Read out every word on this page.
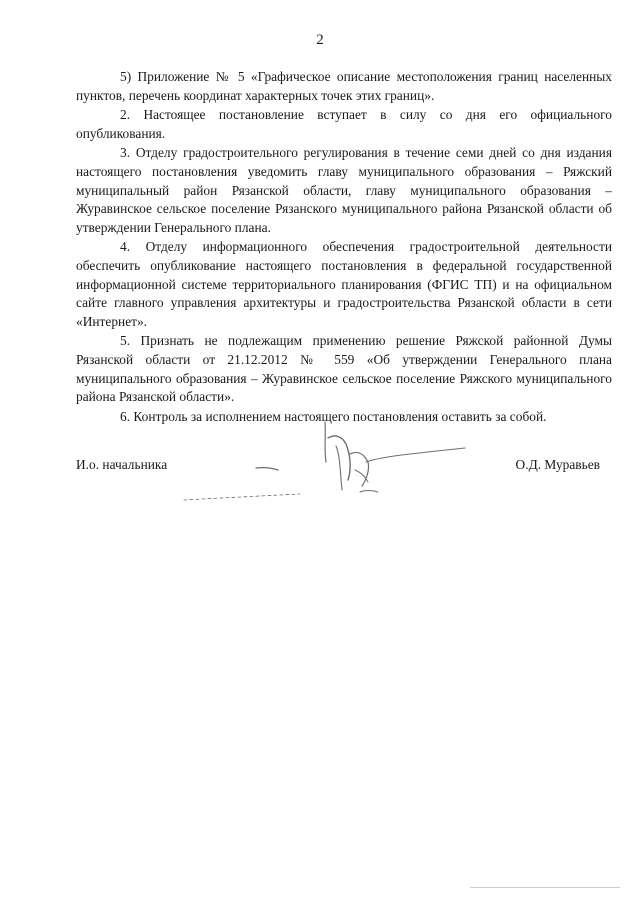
2

5) Приложение № 5 «Графическое описание местоположения границ населенных пунктов, перечень координат характерных точек этих границ».

2. Настоящее постановление вступает в силу со дня его официального опубликования.

3. Отделу градостроительного регулирования в течение семи дней со дня издания настоящего постановления уведомить главу муниципального образования – Ряжский муниципальный район Рязанской области, главу муниципального образования – Журавинское сельское поселение Рязанского муниципального района Рязанской области об утверждении Генерального плана.

4. Отделу информационного обеспечения градостроительной деятельности обеспечить опубликование настоящего постановления в федеральной государственной информационной системе территориального планирования (ФГИС ТП) и на официальном сайте главного управления архитектуры и градостроительства Рязанской области в сети «Интернет».

5. Признать не подлежащим применению решение Ряжской районной Думы Рязанской области от 21.12.2012 № 559 «Об утверждении Генерального плана муниципального образования – Журавинское сельское поселение Ряжского муниципального района Рязанской области».

6. Контроль за исполнением настоящего постановления оставить за собой.

И.о. начальника	О.Д. Муравьев
